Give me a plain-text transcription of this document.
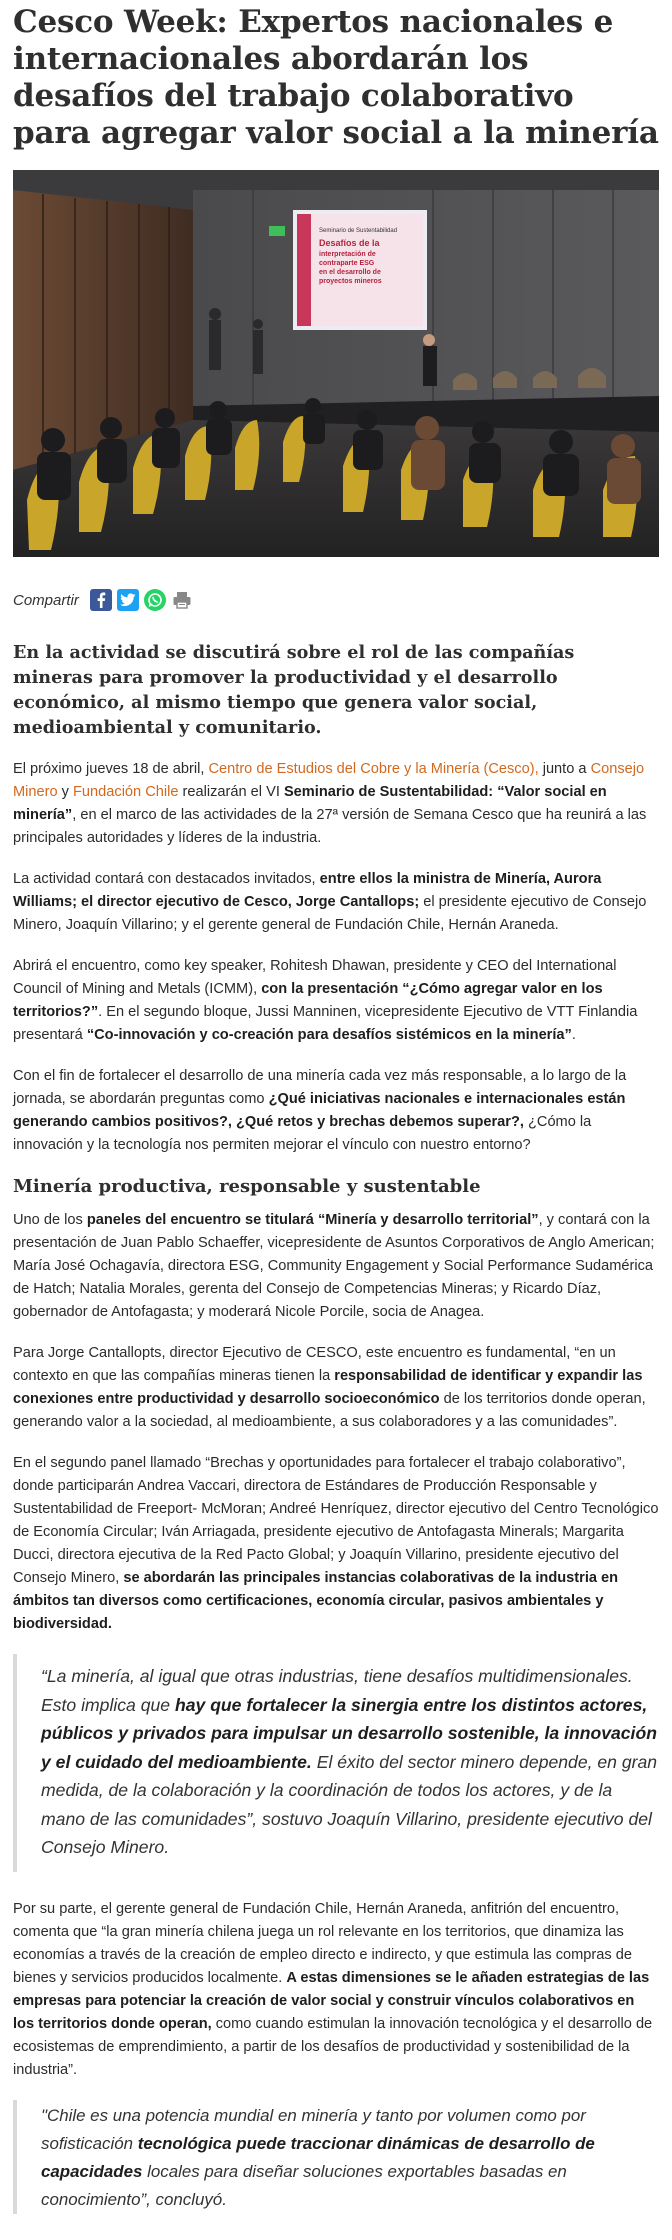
Cesco Week: Expertos nacionales e internacionales abordarán los desafíos del trabajo colaborativo para agregar valor social a la minería
Seminario de Sustentabilidad
Desafíos de la
interpretación de
contraparte ESG
en el desarrollo de
proyectos mineros
Compartir

En la actividad se discutirá sobre el rol de las compañías mineras para promover la productividad y el desarrollo económico, al mismo tiempo que genera valor social, medioambiental y comunitario.

El próximo jueves 18 de abril, Centro de Estudios del Cobre y la Minería (Cesco), junto a Consejo Minero y Fundación Chile realizarán el VI Seminario de Sustentabilidad: “Valor social en minería”, en el marco de las actividades de la 27ª versión de Semana Cesco que ha reunirá a las principales autoridades y líderes de la industria.

La actividad contará con destacados invitados, entre ellos la ministra de Minería, Aurora Williams; el director ejecutivo de Cesco, Jorge Cantallops; el presidente ejecutivo de Consejo Minero, Joaquín Villarino; y el gerente general de Fundación Chile, Hernán Araneda.

Abrirá el encuentro, como key speaker, Rohitesh Dhawan, presidente y CEO del International Council of Mining and Metals (ICMM), con la presentación “¿Cómo agregar valor en los territorios?”. En el segundo bloque, Jussi Manninen, vicepresidente Ejecutivo de VTT Finlandia presentará “Co-innovación y co-creación para desafíos sistémicos en la minería”.

Con el fin de fortalecer el desarrollo de una minería cada vez más responsable, a lo largo de la jornada, se abordarán preguntas como ¿Qué iniciativas nacionales e internacionales están generando cambios positivos?, ¿Qué retos y brechas debemos superar?, ¿Cómo la innovación y la tecnología nos permiten mejorar el vínculo con nuestro entorno?

Minería productiva, responsable y sustentable

Uno de los paneles del encuentro se titulará “Minería y desarrollo territorial”, y contará con la presentación de Juan Pablo Schaeffer, vicepresidente de Asuntos Corporativos de Anglo American; María José Ochagavía, directora ESG, Community Engagement y Social Performance Sudamérica de Hatch; Natalia Morales, gerenta del Consejo de Competencias Mineras; y Ricardo Díaz, gobernador de Antofagasta; y moderará Nicole Porcile, socia de Anagea.

Para Jorge Cantallopts, director Ejecutivo de CESCO, este encuentro es fundamental, “en un contexto en que las compañías mineras tienen la responsabilidad de identificar y expandir las conexiones entre productividad y desarrollo socioeconómico de los territorios donde operan, generando valor a la sociedad, al medioambiente, a sus colaboradores y a las comunidades”.

En el segundo panel llamado “Brechas y oportunidades para fortalecer el trabajo colaborativo”, donde participarán Andrea Vaccari, directora de Estándares de Producción Responsable y Sustentabilidad de Freeport- McMoran; Andreé Henríquez, director ejecutivo del Centro Tecnológico de Economía Circular; Iván Arriagada, presidente ejecutivo de Antofagasta Minerals; Margarita Ducci, directora ejecutiva de la Red Pacto Global; y Joaquín Villarino, presidente ejecutivo del Consejo Minero, se abordarán las principales instancias colaborativas de la industria en ámbitos tan diversos como certificaciones, economía circular, pasivos ambientales y biodiversidad.

“La minería, al igual que otras industrias, tiene desafíos multidimensionales. Esto implica que hay que fortalecer la sinergia entre los distintos actores, públicos y privados para impulsar un desarrollo sostenible, la innovación y el cuidado del medioambiente. El éxito del sector minero depende, en gran medida, de la colaboración y la coordinación de todos los actores, y de la mano de las comunidades”, sostuvo Joaquín Villarino, presidente ejecutivo del Consejo Minero.

Por su parte, el gerente general de Fundación Chile, Hernán Araneda, anfitrión del encuentro, comenta que “la gran minería chilena juega un rol relevante en los territorios, que dinamiza las economías a través de la creación de empleo directo e indirecto, y que estimula las compras de bienes y servicios producidos localmente. A estas dimensiones se le añaden estrategias de las empresas para potenciar la creación de valor social y construir vínculos colaborativos en los territorios donde operan, como cuando estimulan la innovación tecnológica y el desarrollo de ecosistemas de emprendimiento, a partir de los desafíos de productividad y sostenibilidad de la industria”.

"Chile es una potencia mundial en minería y tanto por volumen como por sofisticación tecnológica puede traccionar dinámicas de desarrollo de capacidades locales para diseñar soluciones exportables basadas en conocimiento”, concluyó.
